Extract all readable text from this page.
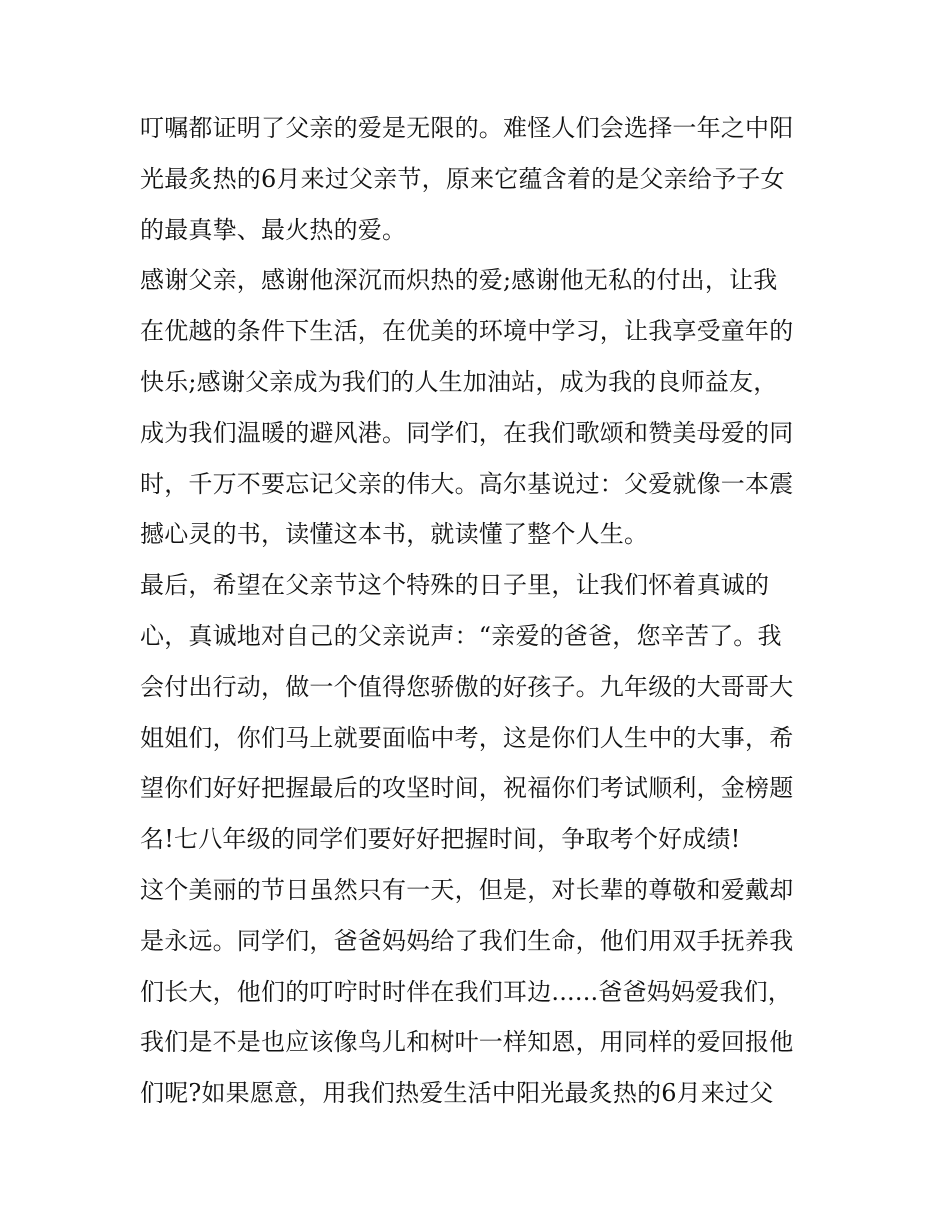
叮嘱都证明了父亲的爱是无限的。难怪人们会选择一年之中阳
光最炙热的6月来过父亲节，原来它蕴含着的是父亲给予子女
的最真挚、最火热的爱。
感谢父亲，感谢他深沉而炽热的爱;感谢他无私的付出，让我
在优越的条件下生活，在优美的环境中学习，让我享受童年的
快乐;感谢父亲成为我们的人生加油站，成为我的良师益友，
成为我们温暖的避风港。同学们，在我们歌颂和赞美母爱的同
时，千万不要忘记父亲的伟大。高尔基说过：父爱就像一本震
撼心灵的书，读懂这本书，就读懂了整个人生。
最后，希望在父亲节这个特殊的日子里，让我们怀着真诚的
心，真诚地对自己的父亲说声：“亲爱的爸爸，您辛苦了。我
会付出行动，做一个值得您骄傲的好孩子。九年级的大哥哥大
姐姐们，你们马上就要面临中考，这是你们人生中的大事，希
望你们好好把握最后的攻坚时间，祝福你们考试顺利，金榜题
名!七八年级的同学们要好好把握时间，争取考个好成绩!
这个美丽的节日虽然只有一天，但是，对长辈的尊敬和爱戴却
是永远。同学们，爸爸妈妈给了我们生命，他们用双手抚养我
们长大，他们的叮咛时时伴在我们耳边......爸爸妈妈爱我们，
我们是不是也应该像鸟儿和树叶一样知恩，用同样的爱回报他
们呢?如果愿意，用我们热爱生活中阳光最炙热的6月来过父
